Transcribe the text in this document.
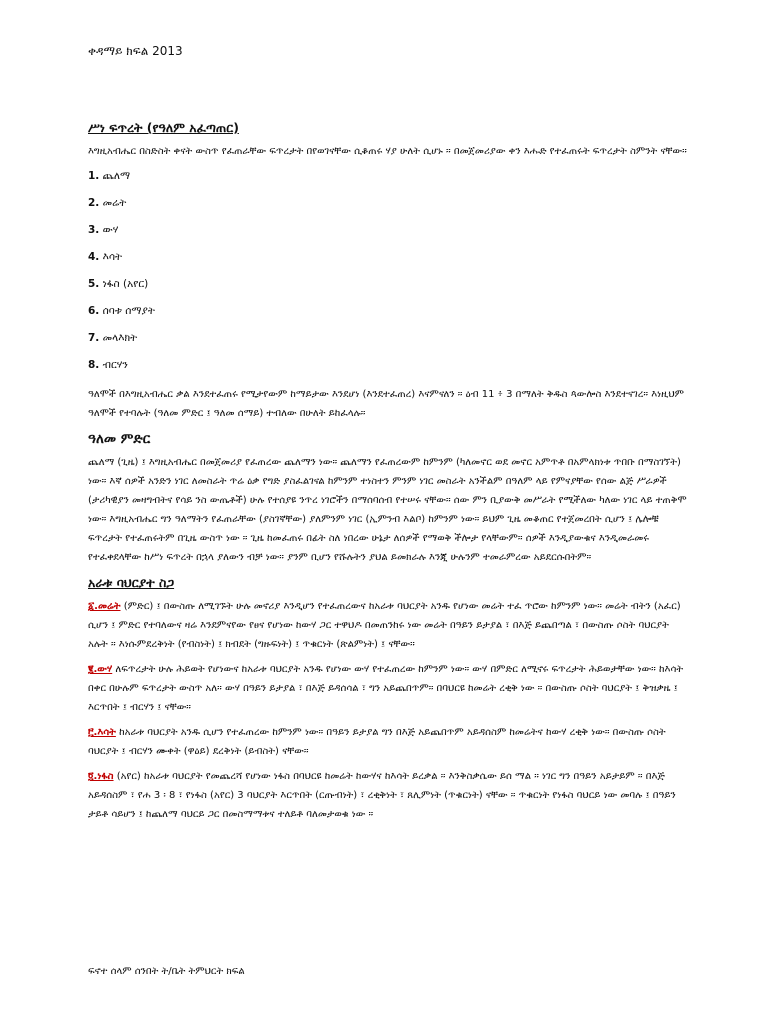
ቀዳማይ ክፍል 2013
ሥነ ፍጥረት (የዓለም አፈጣጠር)

እግዚአብሔር በስድስት ቀናት ውስጥ የፈጠራቸው ፍጥረታት በየወገናቸው ሲቆጠሩ ሃያ ሁለት ሲሆኑ ። በመጀመሪያው ቀን እሑድ የተፈጠሩት ፍጥረታት ስምንት ናቸው።

1. ጨለማ
2. መሬት
3. ውሃ
4. እሳት
5. ነፋስ (አየር)
6. ሰባቱ ሰማያት
7. መላእክት
8. ብርሃን

ዓለሞች በእግዚአብሔር ቃል እንደተፈጠሩ የሚታየውም ከማይታው እንደሆነ (እንደተፈጠረ) እናምናለን ። ዕብ 11 ፥ 3 በማለት ቅዱስ ጳውሎስ እንደተናገረ። እነዚህም ዓለሞች የተባሉት (ዓለመ ምድር ፤ ዓለመ ሰማይ) ተብለው በሁለት ይከፈላሉ።

ዓለመ ምድር

ጨለማ (ጊዜ) ፤ እግዚአብሔር በመጀመሪያ የፈጠረው ጨለማን ነው። ጨለማን የፈጠረውም ከምንም (ካለመኖር ወደ መኖር አምጥቶ በአምላክነቱ ጥበቡ በማስገኘት) ነው። እኛ ሰዎች አንድን ነገር ለመስራት ጥሬ ዕቃ የግድ ያስፈልገናል ከምንም ተነስተን ምንም ነገር መስራት አንችልም በዓለም ላይ የምናያቸው የሰው ልጅ ሥራዎች (ታሪካዊያን መዛግብትና የሳይ ንስ ውጤቶች) ሁሉ የተሰያዩ ንጥረ ነገሮችን በማሰባሰብ የተሠሩ ናቸው። ሰው ምን ቢያውቅ መሥራት የሚችለው ካለው ነገር ላይ ተጠቅሞ ነው። እግዚአብሔር ግን ዓለማትን የፈጠራቸው (ያስገኛቸው) ያለምንም ነገር (ኢምንብ እልቦ) ከምንም ነው። ይህም ጊዜ መቆጠር የተጀመረበት ሲሆን ፤ ሌሎቹ ፍጥረታት የተፈጠሩትም በጊዜ ውስጥ ነው ። ጊዜ ከመፈጠሩ በፊት ስለ ነበረው ሁኔታ ለሰዎች የማወቅ ችሎታ የላቸውም። ሰዎች እንዲያውቁና እንዲመራመሩ የተፈቀደላቸው ከሥነ ፍጥረት በኋላ ያለውን ብቻ ነው። ያንም ቢሆን የሹሉትን ያህል ይመክራሉ እንጂ ሁሉንም ተመራምረው አይደርሱበትም።

አራቱ ባህርያተ ስጋ

፩.መሬት (ምድር) ፤ በውስጡ ለሚገኙት ሁሉ መኖሪያ እንዲሆን የተፈጠረውና ከአራቱ ባህርያት አንዱ የሆነው መሬት ተፈ ጥሮው ከምንም ነው። መሬት ብትን (አፈር) ሲሆን ፤ ምድር የተባለውና ዛሬ እንደምናየው የፀና የሆነው ከውሃ ጋር ተዋህዶ በመጠንከሩ ነው መሬት በዓይን ይታያል ፣ በእጅ ይጨበጣል ፣ በውስጡ ሶስት ባህርያት አሉት ። እነሱምደረቅነት (የብስነት) ፤ ክብደት (ግዙፍነት) ፤ ጥቁርነት (ጽልምነት) ፤ ናቸው።

፪.ውሃ ለፍጥረታት ሁሉ ሕይወት የሆነውና ከአራቱ ባህርያት አንዱ የሆነው ውሃ የተፈጠረው ከምንም ነው። ውሃ በምድር ለሚኖሩ ፍጥረታት ሕይወታቸው ነው። ከእሳት በቀር በሁሉም ፍጥረታት ውስጥ አለ። ውሃ በዓይን ይታያል ፣ በእጅ ይዳሰሳል ፣ ግን አይጨበጥም። በባህርዩ ከመሬት ረቂቅ ነው ። በውስጡ ሶስት ባህርያት ፤ ቅዝቃዜ ፤ እርጥበት ፤ ብርሃን ፤ ናቸው።

፫.እሳት ከአራቱ ባህርያት አንዱ ሲሆን የተፈጠረው ከምንም ነው። በዓይን ይታያል ግን በእጅ አይጨበጥም አይዳሰስም ከመሬትና ከውሃ ረቂቅ ነው። በውስጡ ሶስት ባህርያት ፤ ብርሃን ሙቀት (ዋዕይ) ደረቅነት (ይብስት) ናቸው።

፬.ነፋስ (አየር) ከአራቱ ባህርያት የመጨረሻ የሆነው ነፋስ በባህርዩ ከመሬት ከውሃና ከእሳት ይረቃል ። እንቅስቃሴው ይሰ ማል ። ነገር ግን በዓይን አይታይም ። በእጅ አይዳሰስም ፣ የሐ 3 ፡ 8 ፣ የነፋስ (አየር) 3 ባህርያት እርጥበት (ርጡብነት) ፣ ረቂቅነት ፣ ጸሊምነት (ጥቁርነት) ናቸው ። ጥቁርነት የነፋስ ባህርይ ነው መባሉ ፤ በዓይን ታይቶ ሳይሆን ፤ ከጨለማ ባህርይ ጋር በመስማማቱና ተለይቶ ባለመታወቁ ነው ።

ፍኖተ ሰላም ሰንበት ት/ቤት ትምህርት ክፍል
